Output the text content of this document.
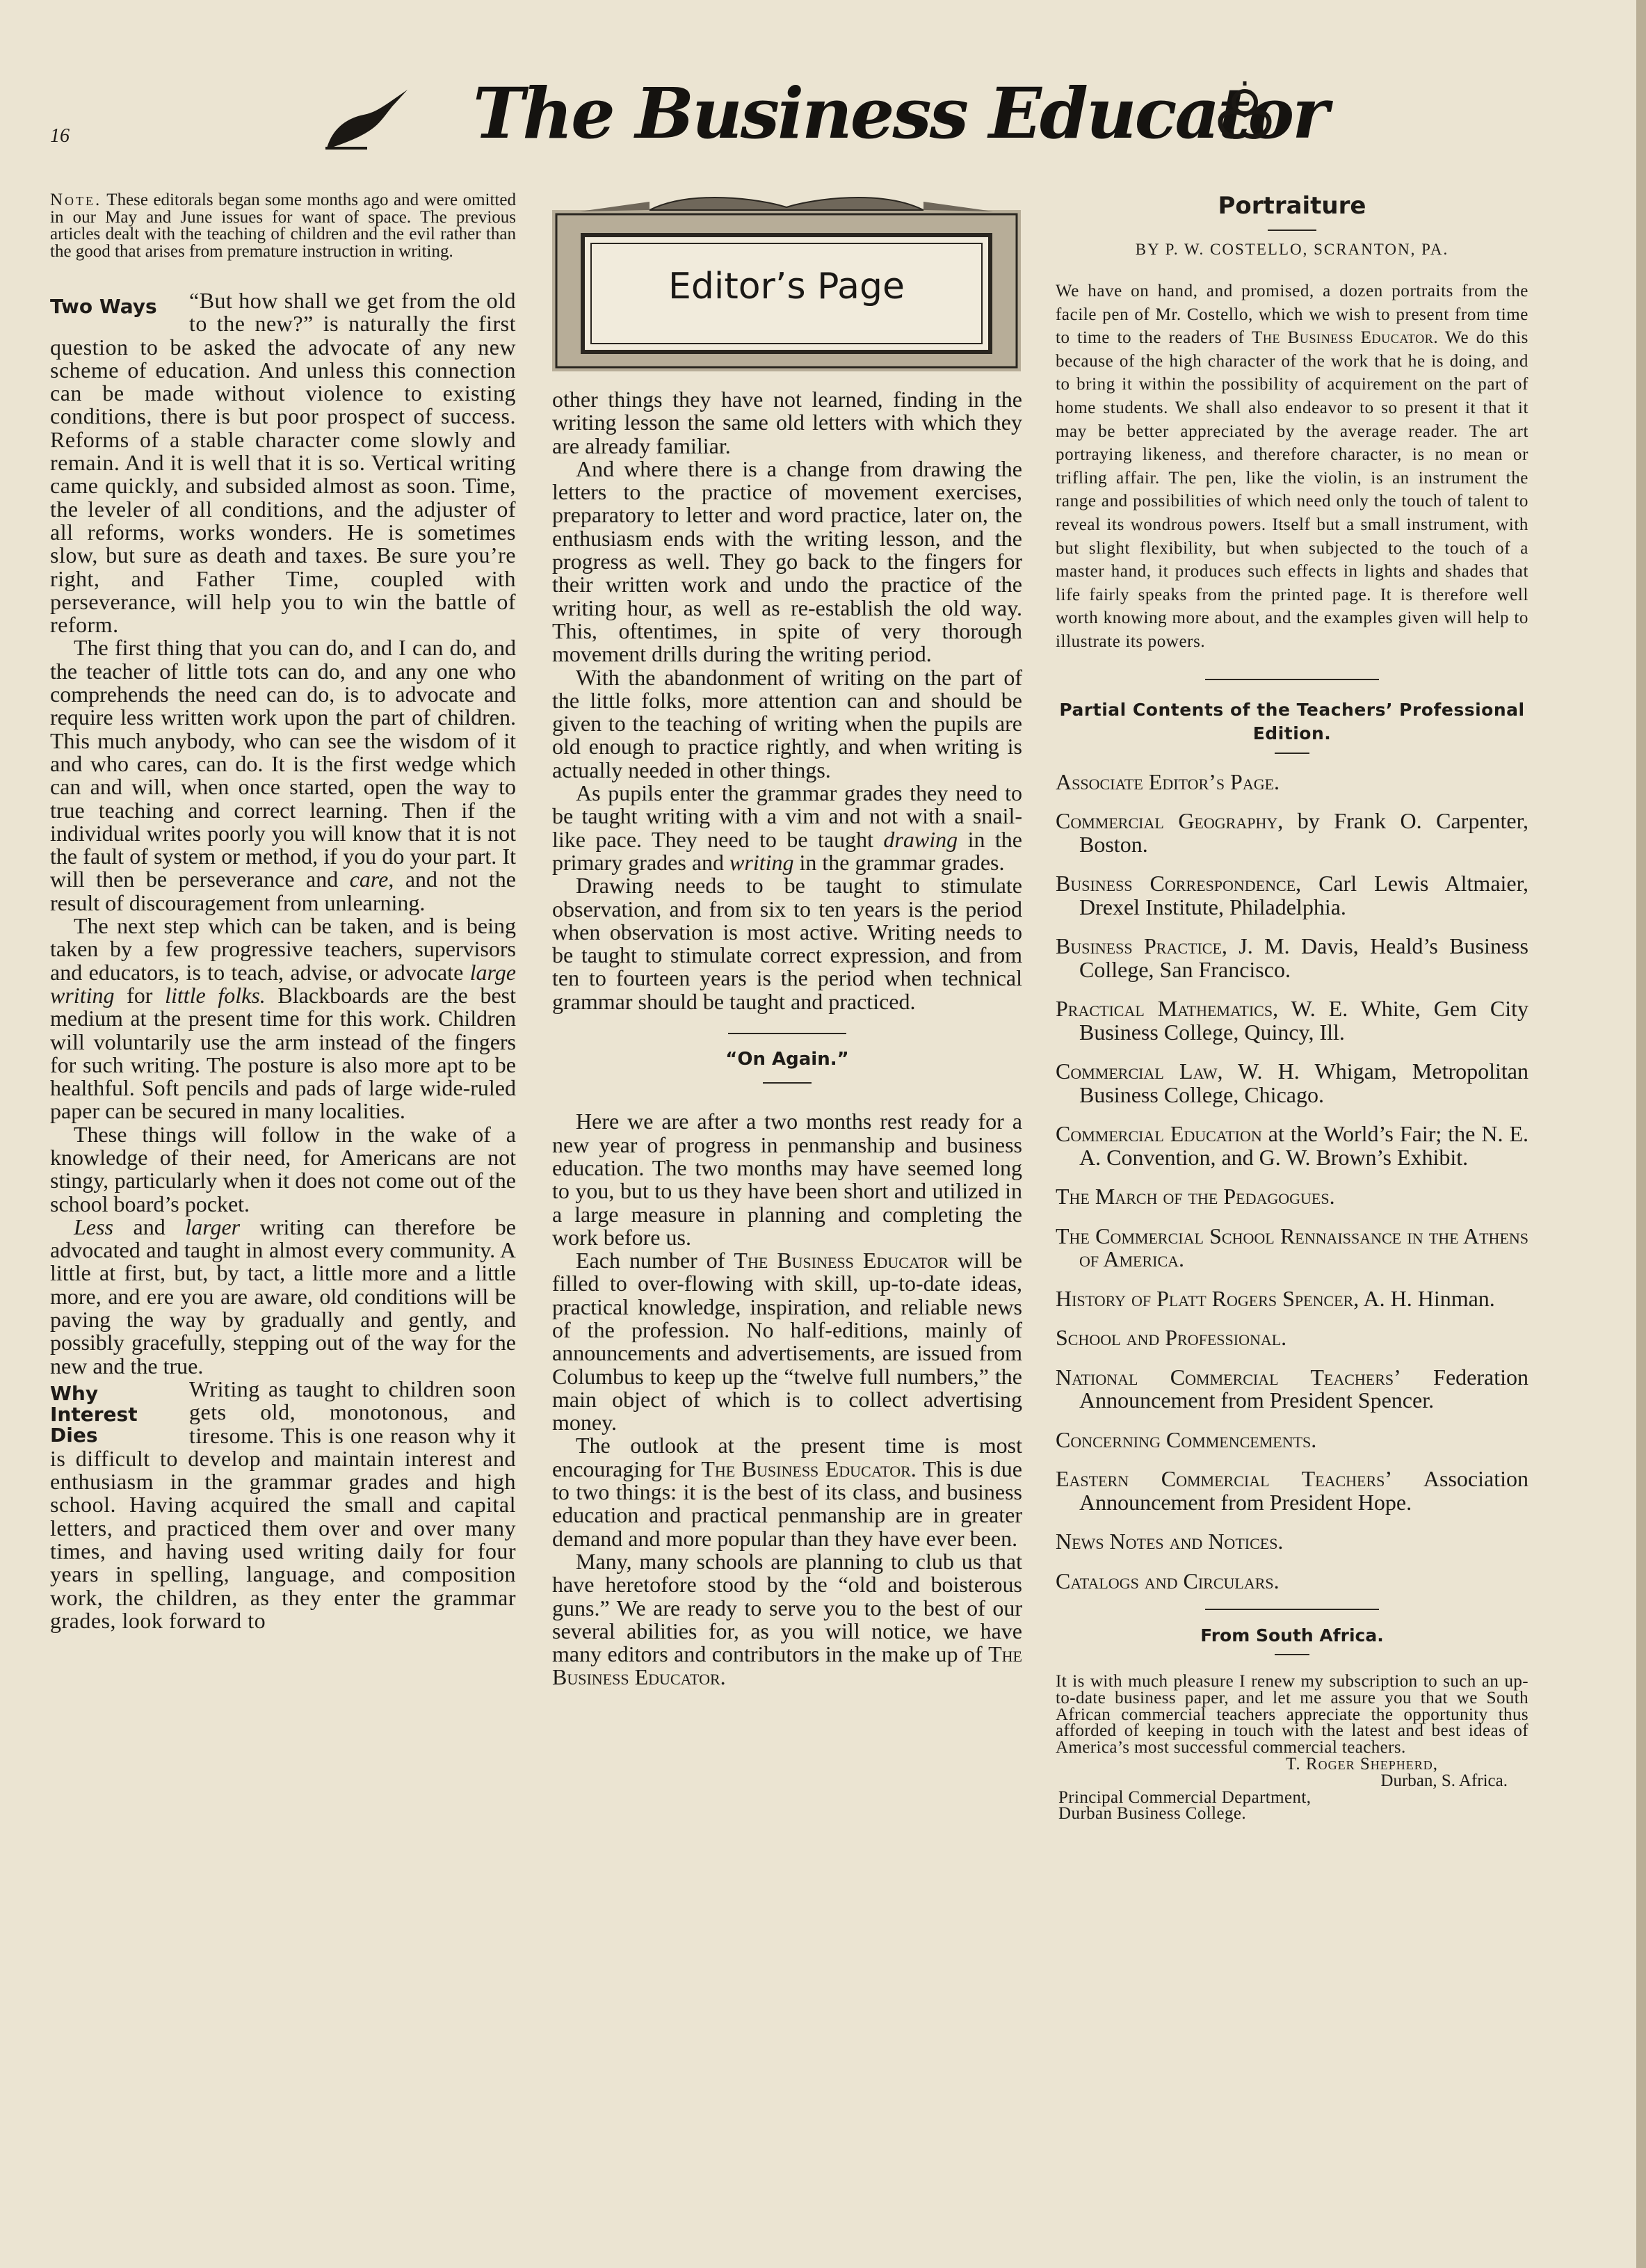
16	The Business Educator

Note. These editorals began some months ago and were omitted in our May and June issues for want of space. The previous articles dealt with the teaching of children and the evil rather than the good that arises from premature instruction in writing.

Two Ways	“But how shall we get from the old to the new?” is naturally the first question to be asked the advocate of any new scheme of education. And unless this connection can be made without violence to existing conditions, there is but poor prospect of success. Reforms of a stable character come slowly and remain. And it is well that it is so. Vertical writing came quickly, and subsided almost as soon. Time, the leveler of all conditions, and the adjuster of all reforms, works wonders. He is sometimes slow, but sure as death and taxes. Be sure you’re right, and Father Time, coupled with perseverance, will help you to win the battle of reform.

The first thing that you can do, and I can do, and the teacher of little tots can do, and any one who comprehends the need can do, is to advocate and require less written work upon the part of children. This much anybody, who can see the wisdom of it and who cares, can do. It is the first wedge which can and will, when once started, open the way to true teaching and correct learning. Then if the individual writes poorly you will know that it is not the fault of system or method, if you do your part. It will then be perseverance and care, and not the result of discouragement from unlearning.

The next step which can be taken, and is being taken by a few progressive teachers, supervisors and educators, is to teach, advise, or advocate large writing for little folks. Blackboards are the best medium at the present time for this work. Children will voluntarily use the arm instead of the fingers for such writing. The posture is also more apt to be healthful. Soft pencils and pads of large wide-ruled paper can be secured in many localities.

These things will follow in the wake of a knowledge of their need, for Americans are not stingy, particularly when it does not come out of the school board’s pocket.

Less and larger writing can therefore be advocated and taught in almost every community. A little at first, but, by tact, a little more and a little more, and ere you are aware, old conditions will be paving the way by gradually and gently, and possibly gracefully, stepping out of the way for the new and the true.

Why Interest Dies

Writing as taught to children soon gets old, monotonous, and tiresome. This is one reason why it is difficult to develop and maintain interest and enthusiasm in the grammar grades and high school. Having acquired the small and capital letters, and practiced them over and over many times, and having used writing daily for four years in spelling, language, and composition work, the children, as they enter the grammar grades, look forward to

Editor’s Page

other things they have not learned, finding in the writing lesson the same old letters with which they are already familiar.

And where there is a change from drawing the letters to the practice of movement exercises, preparatory to letter and word practice, later on, the enthusiasm ends with the writing lesson, and the progress as well. They go back to the fingers for their written work and undo the practice of the writing hour, as well as re-establish the old way. This, oftentimes, in spite of very thorough movement drills during the writing period.

With the abandonment of writing on the part of the little folks, more attention can and should be given to the teaching of writing when the pupils are old enough to practice rightly, and when writing is actually needed in other things.

As pupils enter the grammar grades they need to be taught writing with a vim and not with a snail-like pace. They need to be taught drawing in the primary grades and writing in the grammar grades.

Drawing needs to be taught to stimulate observation, and from six to ten years is the period when observation is most active. Writing needs to be taught to stimulate correct expression, and from ten to fourteen years is the period when technical grammar should be taught and practiced.

“On Again.”

Here we are after a two months rest ready for a new year of progress in penmanship and business education. The two months may have seemed long to you, but to us they have been short and utilized in a large measure in planning and completing the work before us.

Each number of The Business Educator will be filled to over-flowing with skill, up-to-date ideas, practical knowledge, inspiration, and reliable news of the profession. No half-editions, mainly of announcements and advertisements, are issued from Columbus to keep up the “twelve full numbers,” the main object of which is to collect advertising money.

The outlook at the present time is most encouraging for The Business Educator. This is due to two things: it is the best of its class, and business education and practical penmanship are in greater demand and more popular than they have ever been.

Many, many schools are planning to club us that have heretofore stood by the “old and boisterous guns.” We are ready to serve you to the best of our several abilities for, as you will notice, we have many editors and contributors in the make up of The Business Educator.

Portraiture

BY P. W. COSTELLO, SCRANTON, PA.

We have on hand, and promised, a dozen portraits from the facile pen of Mr. Costello, which we wish to present from time to time to the readers of The Business Educator. We do this because of the high character of the work that he is doing, and to bring it within the possibility of acquirement on the part of home students. We shall also endeavor to so present it that it may be better appreciated by the average reader. The art portraying likeness, and therefore character, is no mean or trifling affair. The pen, like the violin, is an instrument the range and possibilities of which need only the touch of talent to reveal its wondrous powers. Itself but a small instrument, with but slight flexibility, but when subjected to the touch of a master hand, it produces such effects in lights and shades that life fairly speaks from the printed page. It is therefore well worth knowing more about, and the examples given will help to illustrate its powers.

Partial Contents of the Teachers’ Professional Edition.

Associate Editor’s Page.

Commercial Geography, by Frank O. Carpenter, Boston.

Business Correspondence, Carl Lewis Altmaier, Drexel Institute, Philadelphia.

Business Practice, J. M. Davis, Heald’s Business College, San Francisco.

Practical Mathematics, W. E. White, Gem City Business College, Quincy, Ill.

Commercial Law, W. H. Whigam, Metropolitan Business College, Chicago.

Commercial Education at the World’s Fair; the N. E. A. Convention, and G. W. Brown’s Exhibit.

The March of the Pedagogues.

The Commercial School Rennaissance in the Athens of America.

History of Platt Rogers Spencer, A. H. Hinman.

School and Professional.

National Commercial Teachers’ Federation Announcement from President Spencer.

Concerning Commencements.

Eastern Commercial Teachers’ Association Announcement from President Hope.

News Notes and Notices.

Catalogs and Circulars.

From South Africa.

It is with much pleasure I renew my subscription to such an up-to-date business paper, and let me assure you that we South African commercial teachers appreciate the opportunity thus afforded of keeping in touch with the latest and best ideas of America’s most successful commercial teachers.

T. Roger Shepherd,

Durban, S. Africa.

Principal Commercial Department,

Durban Business College.
